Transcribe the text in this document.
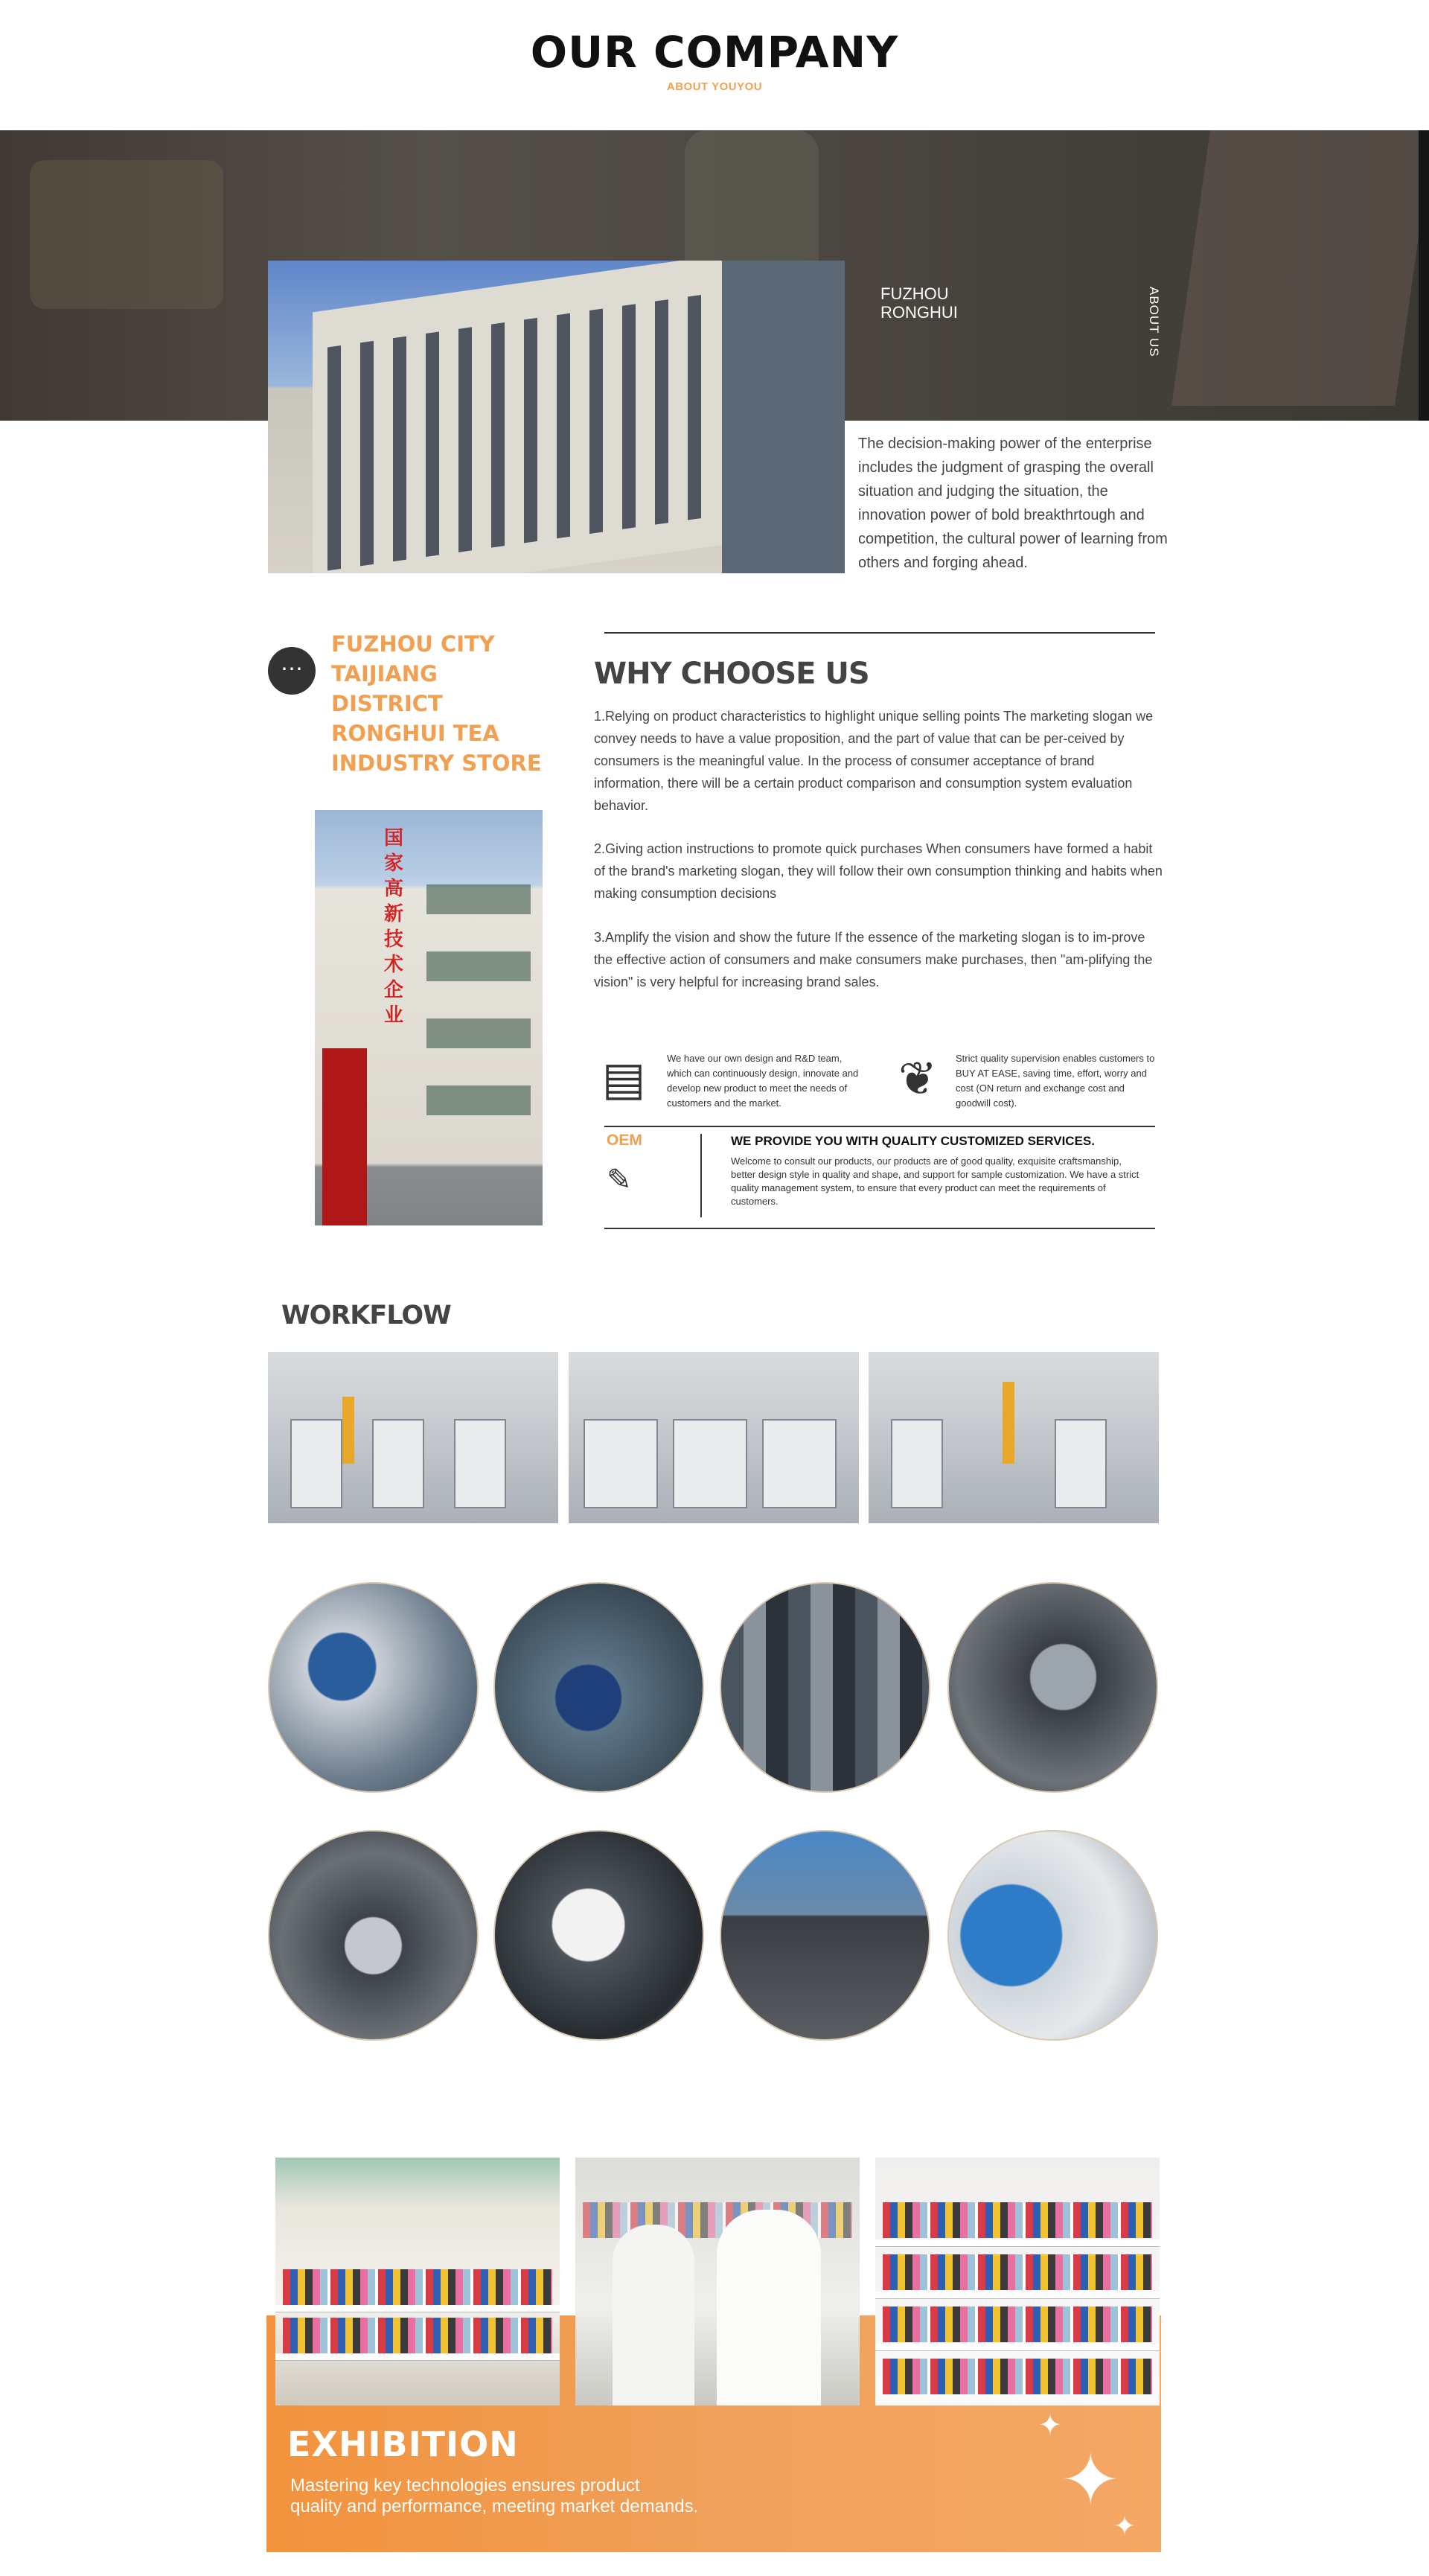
OUR COMPANY
ABOUT YOUYOU
FUZHOU
RONGHUI	ABOUT US
The decision-making power of the enterprise includes the judgment of grasping the overall situation and judging the situation, the innovation power of bold breakthrtough and competition, the cultural power of learning from others and forging ahead.
⋯
FUZHOU CITY
TAIJIANG DISTRICT
RONGHUI TEA
INDUSTRY STORE
国家高新技术企业
WHY CHOOSE US
1.Relying on product characteristics to highlight unique selling points The marketing slogan we convey needs to have a value proposition, and the part of value that can be per-ceived by consumers is the meaningful value. In the process of consumer acceptance of brand information, there will be a certain product comparison and consumption system evaluation behavior.
2.Giving action instructions to promote quick purchases When consumers have formed a habit of the brand's marketing slogan, they will follow their own consumption thinking and habits when making consumption decisions
3.Amplify the vision and show the future If the essence of the marketing slogan is to im-prove the effective action of consumers and make consumers make purchases, then "am-plifying the vision" is very helpful for increasing brand sales.
▤	We have our own design and R&D team, which can continuously design, innovate and develop new product to meet the needs of customers and the market.	❦	Strict quality supervision enables customers to BUY AT EASE, saving time, effort, worry and cost (ON return and exchange cost and goodwill cost).
OEM
✎
WE PROVIDE YOU WITH QUALITY CUSTOMIZED SERVICES.
Welcome to consult our products, our products are of good quality, exquisite craftsmanship, better design style in quality and shape, and support for sample customization. We have a strict quality management system, to ensure that every product can meet the requirements of customers.
WORKFLOW
EXHIBITION
Mastering key technologies ensures product
quality and performance, meeting market demands.
✦
✦
✦
